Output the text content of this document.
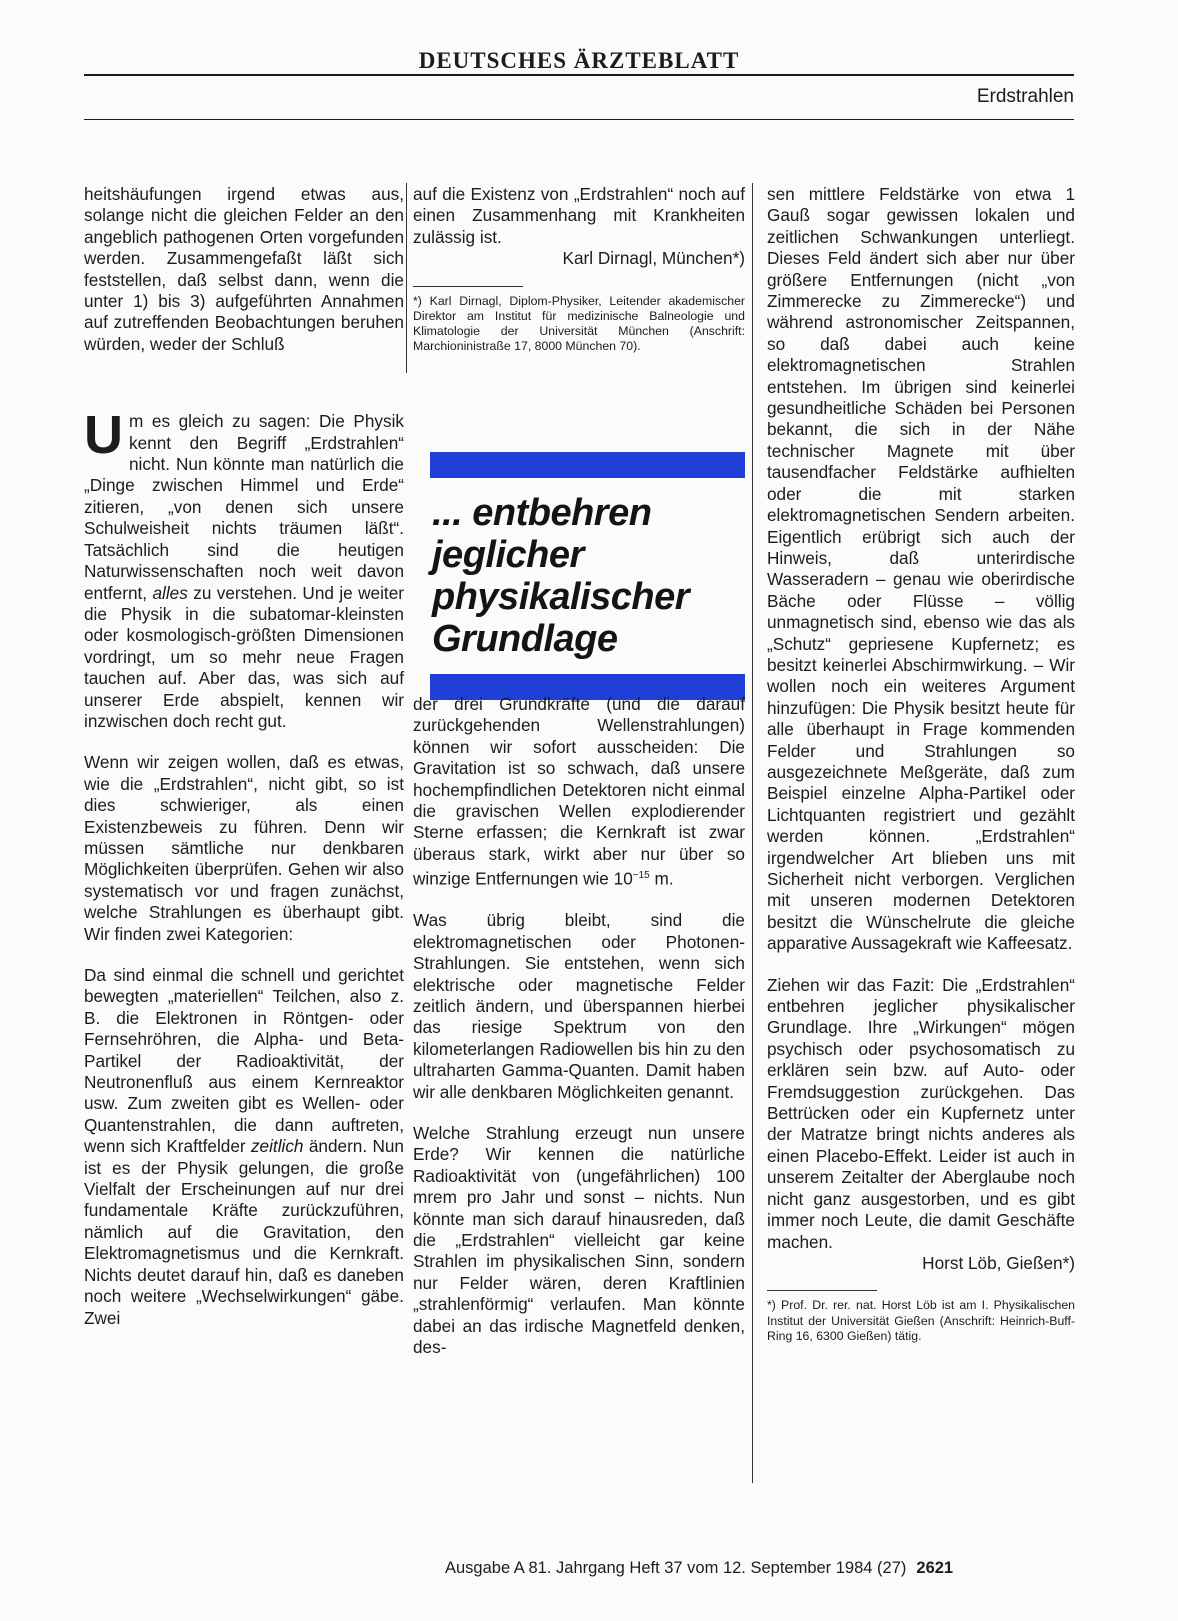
DEUTSCHES ÄRZTEBLATT
Erdstrahlen

heitshäufungen irgend etwas aus, solange nicht die gleichen Felder an den angeblich pathogenen Orten vorgefunden werden. Zusammengefaßt läßt sich feststellen, daß selbst dann, wenn die unter 1) bis 3) aufgeführten Annahmen auf zutreffenden Beobachtungen beruhen würden, weder der Schluß

Um es gleich zu sagen: Die Physik kennt den Begriff „Erdstrahlen“ nicht. Nun könnte man natürlich die „Dinge zwischen Himmel und Erde“ zitieren, „von denen sich unsere Schulweisheit nichts träumen läßt“. Tatsächlich sind die heutigen Naturwissenschaften noch weit davon entfernt, alles zu verstehen. Und je weiter die Physik in die subatomar-kleinsten oder kosmologisch-größten Dimensionen vordringt, um so mehr neue Fragen tauchen auf. Aber das, was sich auf unserer Erde abspielt, kennen wir inzwischen doch recht gut.

Wenn wir zeigen wollen, daß es etwas, wie die „Erdstrahlen“, nicht gibt, so ist dies schwieriger, als einen Existenzbeweis zu führen. Denn wir müssen sämtliche nur denkbaren Möglichkeiten überprüfen. Gehen wir also systematisch vor und fragen zunächst, welche Strahlungen es überhaupt gibt. Wir finden zwei Kategorien:

Da sind einmal die schnell und gerichtet bewegten „materiellen“ Teilchen, also z. B. die Elektronen in Röntgen- oder Fernsehröhren, die Alpha- und Beta-Partikel der Radioaktivität, der Neutronenfluß aus einem Kernreaktor usw. Zum zweiten gibt es Wellen- oder Quantenstrahlen, die dann auftreten, wenn sich Kraftfelder zeitlich ändern. Nun ist es der Physik gelungen, die große Vielfalt der Erscheinungen auf nur drei fundamentale Kräfte zurückzuführen, nämlich auf die Gravitation, den Elektromagnetismus und die Kernkraft. Nichts deutet darauf hin, daß es daneben noch weitere „Wechselwirkungen“ gäbe. Zwei

auf die Existenz von „Erdstrahlen“ noch auf einen Zusammenhang mit Krankheiten zulässig ist.

Karl Dirnagl, München*)
*) Karl Dirnagl, Diplom-Physiker, Leitender akademischer Direktor am Institut für medizinische Balneologie und Klimatologie der Universität München (Anschrift: Marchioninistraße 17, 8000 München 70).
... entbehren jeglicher physikalischer Grundlage

der drei Grundkräfte (und die darauf zurückgehenden Wellenstrahlungen) können wir sofort ausscheiden: Die Gravitation ist so schwach, daß unsere hochempfindlichen Detektoren nicht einmal die gravischen Wellen explodierender Sterne erfassen; die Kernkraft ist zwar überaus stark, wirkt aber nur über so winzige Entfernungen wie $10^{-15}$ m.

Was übrig bleibt, sind die elektromagnetischen oder Photonen-Strahlungen. Sie entstehen, wenn sich elektrische oder magnetische Felder zeitlich ändern, und überspannen hierbei das riesige Spektrum von den kilometerlangen Radiowellen bis hin zu den ultraharten Gamma-Quanten. Damit haben wir alle denkbaren Möglichkeiten genannt.

Welche Strahlung erzeugt nun unsere Erde? Wir kennen die natürliche Radioaktivität von (ungefährlichen) 100 mrem pro Jahr und sonst – nichts. Nun könnte man sich darauf hinausreden, daß die „Erdstrahlen“ vielleicht gar keine Strahlen im physikalischen Sinn, sondern nur Felder wären, deren Kraftlinien „strahlenförmig“ verlaufen. Man könnte dabei an das irdische Magnetfeld denken, des-

sen mittlere Feldstärke von etwa 1 Gauß sogar gewissen lokalen und zeitlichen Schwankungen unterliegt. Dieses Feld ändert sich aber nur über größere Entfernungen (nicht „von Zimmerecke zu Zimmerecke“) und während astronomischer Zeitspannen, so daß dabei auch keine elektromagnetischen Strahlen entstehen. Im übrigen sind keinerlei gesundheitliche Schäden bei Personen bekannt, die sich in der Nähe technischer Magnete mit über tausendfacher Feldstärke aufhielten oder die mit starken elektromagnetischen Sendern arbeiten. Eigentlich erübrigt sich auch der Hinweis, daß unterirdische Wasseradern – genau wie oberirdische Bäche oder Flüsse – völlig unmagnetisch sind, ebenso wie das als „Schutz“ gepriesene Kupfernetz; es besitzt keinerlei Abschirmwirkung. – Wir wollen noch ein weiteres Argument hinzufügen: Die Physik besitzt heute für alle überhaupt in Frage kommenden Felder und Strahlungen so ausgezeichnete Meßgeräte, daß zum Beispiel einzelne Alpha-Partikel oder Lichtquanten registriert und gezählt werden können. „Erdstrahlen“ irgendwelcher Art blieben uns mit Sicherheit nicht verborgen. Verglichen mit unseren modernen Detektoren besitzt die Wünschelrute die gleiche apparative Aussagekraft wie Kaffeesatz.

Ziehen wir das Fazit: Die „Erdstrahlen“ entbehren jeglicher physikalischer Grundlage. Ihre „Wirkungen“ mögen psychisch oder psychosomatisch zu erklären sein bzw. auf Auto- oder Fremdsuggestion zurückgehen. Das Bettrücken oder ein Kupfernetz unter der Matratze bringt nichts anderes als einen Placebo-Effekt. Leider ist auch in unserem Zeitalter der Aberglaube noch nicht ganz ausgestorben, und es gibt immer noch Leute, die damit Geschäfte machen.

Horst Löb, Gießen*)
*) Prof. Dr. rer. nat. Horst Löb ist am I. Physikalischen Institut der Universität Gießen (Anschrift: Heinrich-Buff-Ring 16, 6300 Gießen) tätig.
Ausgabe A 81. Jahrgang Heft 37 vom 12. September 1984 (27) 2621
